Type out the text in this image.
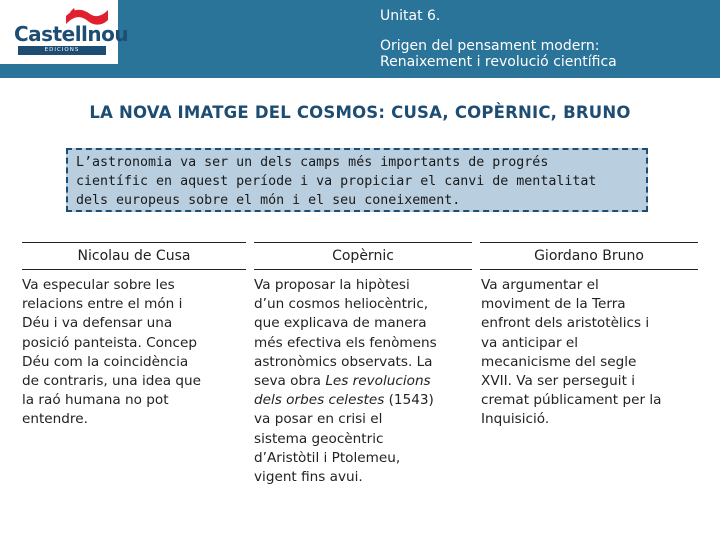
Castellnou
EDICIONS
Unitat 6.
Origen del pensament modern:
Renaixement i revolució científica
LA NOVA IMATGE DEL COSMOS: CUSA, COPÈRNIC, BRUNO
L’astronomia va ser un dels camps més importants de progrés
científic en aquest període i va propiciar el canvi de mentalitat
dels europeus sobre el món i el seu coneixement.
Nicolau de Cusa	Copèrnic	Giordano Bruno
Va especular sobre les
relacions entre el món i
Déu i va defensar una
posició panteista. Concep
Déu com la coincidència
de contraris, una idea que
la raó humana no pot
entendre.
Va proposar la hipòtesi
d’un cosmos heliocèntric,
que explicava de manera
més efectiva els fenòmens
astronòmics observats. La
seva obra Les revolucions
dels orbes celestes (1543)
va posar en crisi el
sistema geocèntric
d’Aristòtil i Ptolemeu,
vigent fins avui.
Va argumentar el
moviment de la Terra
enfront dels aristotèlics i
va anticipar el
mecanicisme del segle
XVII. Va ser perseguit i
cremat públicament per la
Inquisició.
